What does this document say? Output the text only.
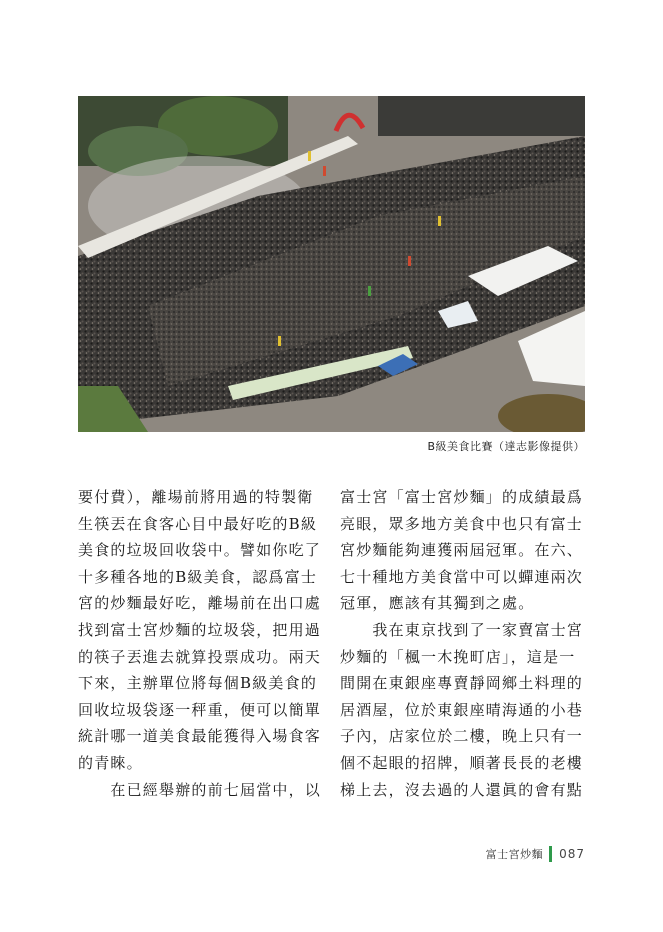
B級美食比賽（達志影像提供）

要付費），離場前將用過的特製衛

生筷丟在食客心目中最好吃的B級

美食的垃圾回收袋中。譬如你吃了

十多種各地的B級美食，認爲富士

宮的炒麵最好吃，離場前在出口處

找到富士宮炒麵的垃圾袋，把用過

的筷子丟進去就算投票成功。兩天

下來，主辦單位將每個B級美食的

回收垃圾袋逐一秤重，便可以簡單

統計哪一道美食最能獲得入場食客

的青睞。

　　在已經舉辦的前七屆當中，以

富士宮「富士宮炒麵」的成績最爲

亮眼，眾多地方美食中也只有富士

宮炒麵能夠連獲兩屆冠軍。在六、

七十種地方美食當中可以蟬連兩次

冠軍，應該有其獨到之處。

　　我在東京找到了一家賣富士宮

炒麵的「楓一木挽町店」，這是一

間開在東銀座專賣靜岡鄉土料理的

居酒屋，位於東銀座晴海通的小巷

子內，店家位於二樓，晚上只有一

個不起眼的招牌，順著長長的老樓

梯上去，沒去過的人還眞的會有點

富士宮炒麵 087
